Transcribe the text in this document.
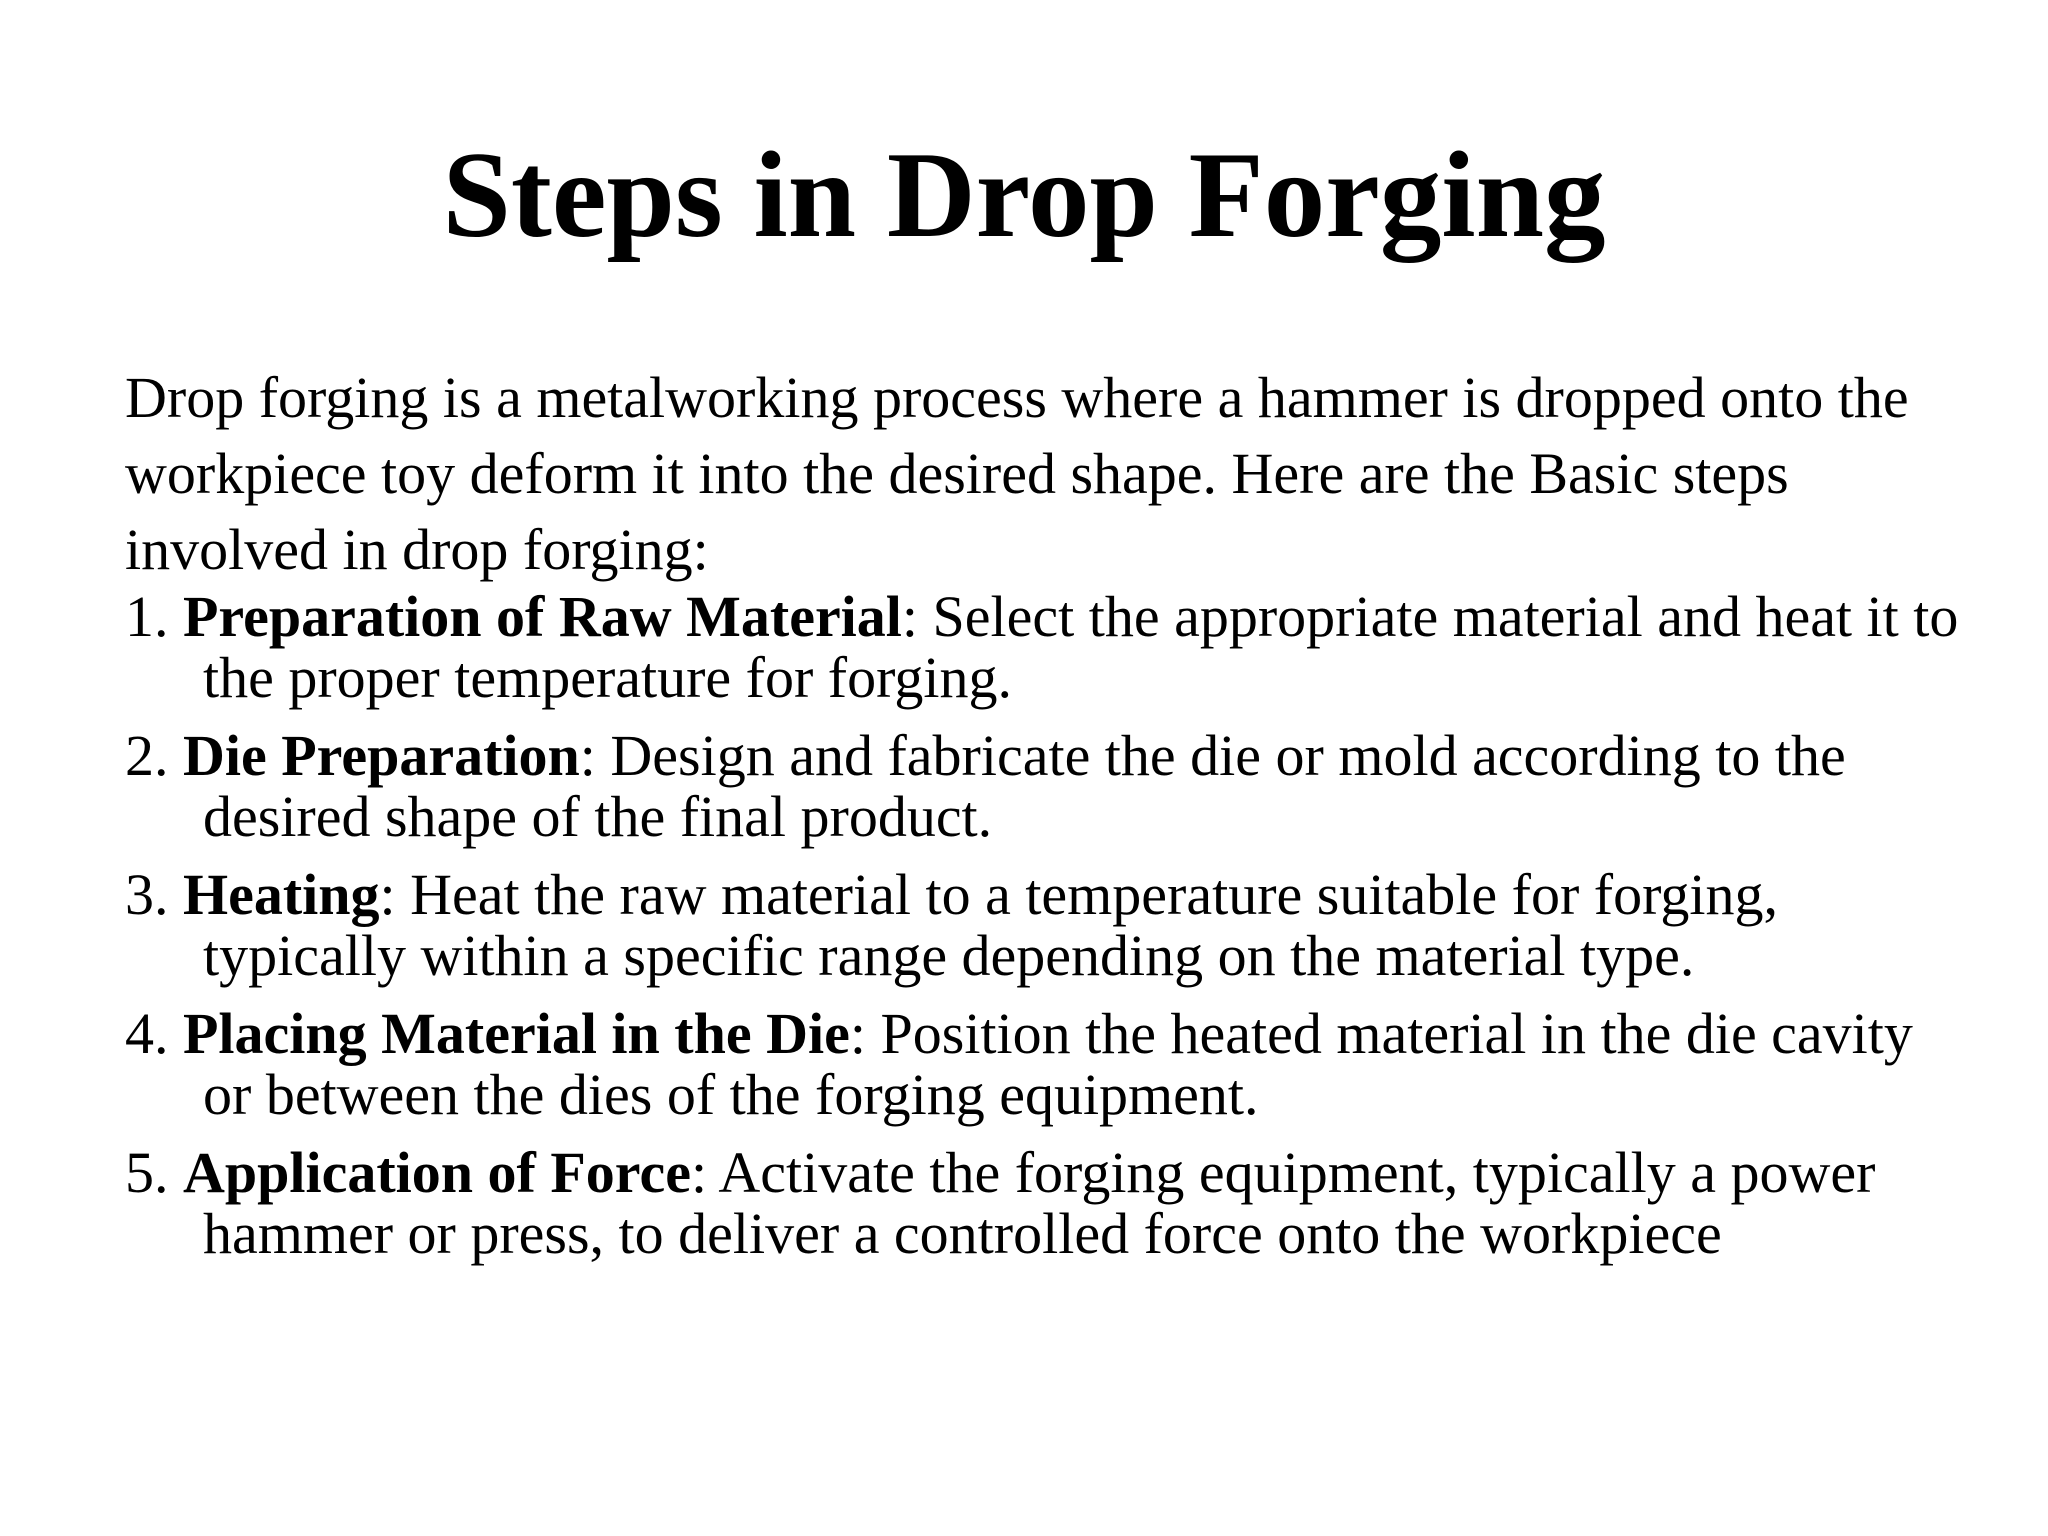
Steps in Drop Forging

Drop forging is a metalworking process where a hammer is dropped onto the workpiece toy deform it into the desired shape. Here are the Basic steps involved in drop forging:

1. Preparation of Raw Material: Select the appropriate material and heat it to the proper temperature for forging.
2. Die Preparation: Design and fabricate the die or mold according to the desired shape of the final product.
3. Heating: Heat the raw material to a temperature suitable for forging, typically within a specific range depending on the material type.
4. Placing Material in the Die: Position the heated material in the die cavity or between the dies of the forging equipment.
5. Application of Force: Activate the forging equipment, typically a power hammer or press, to deliver a controlled force onto the workpiece
